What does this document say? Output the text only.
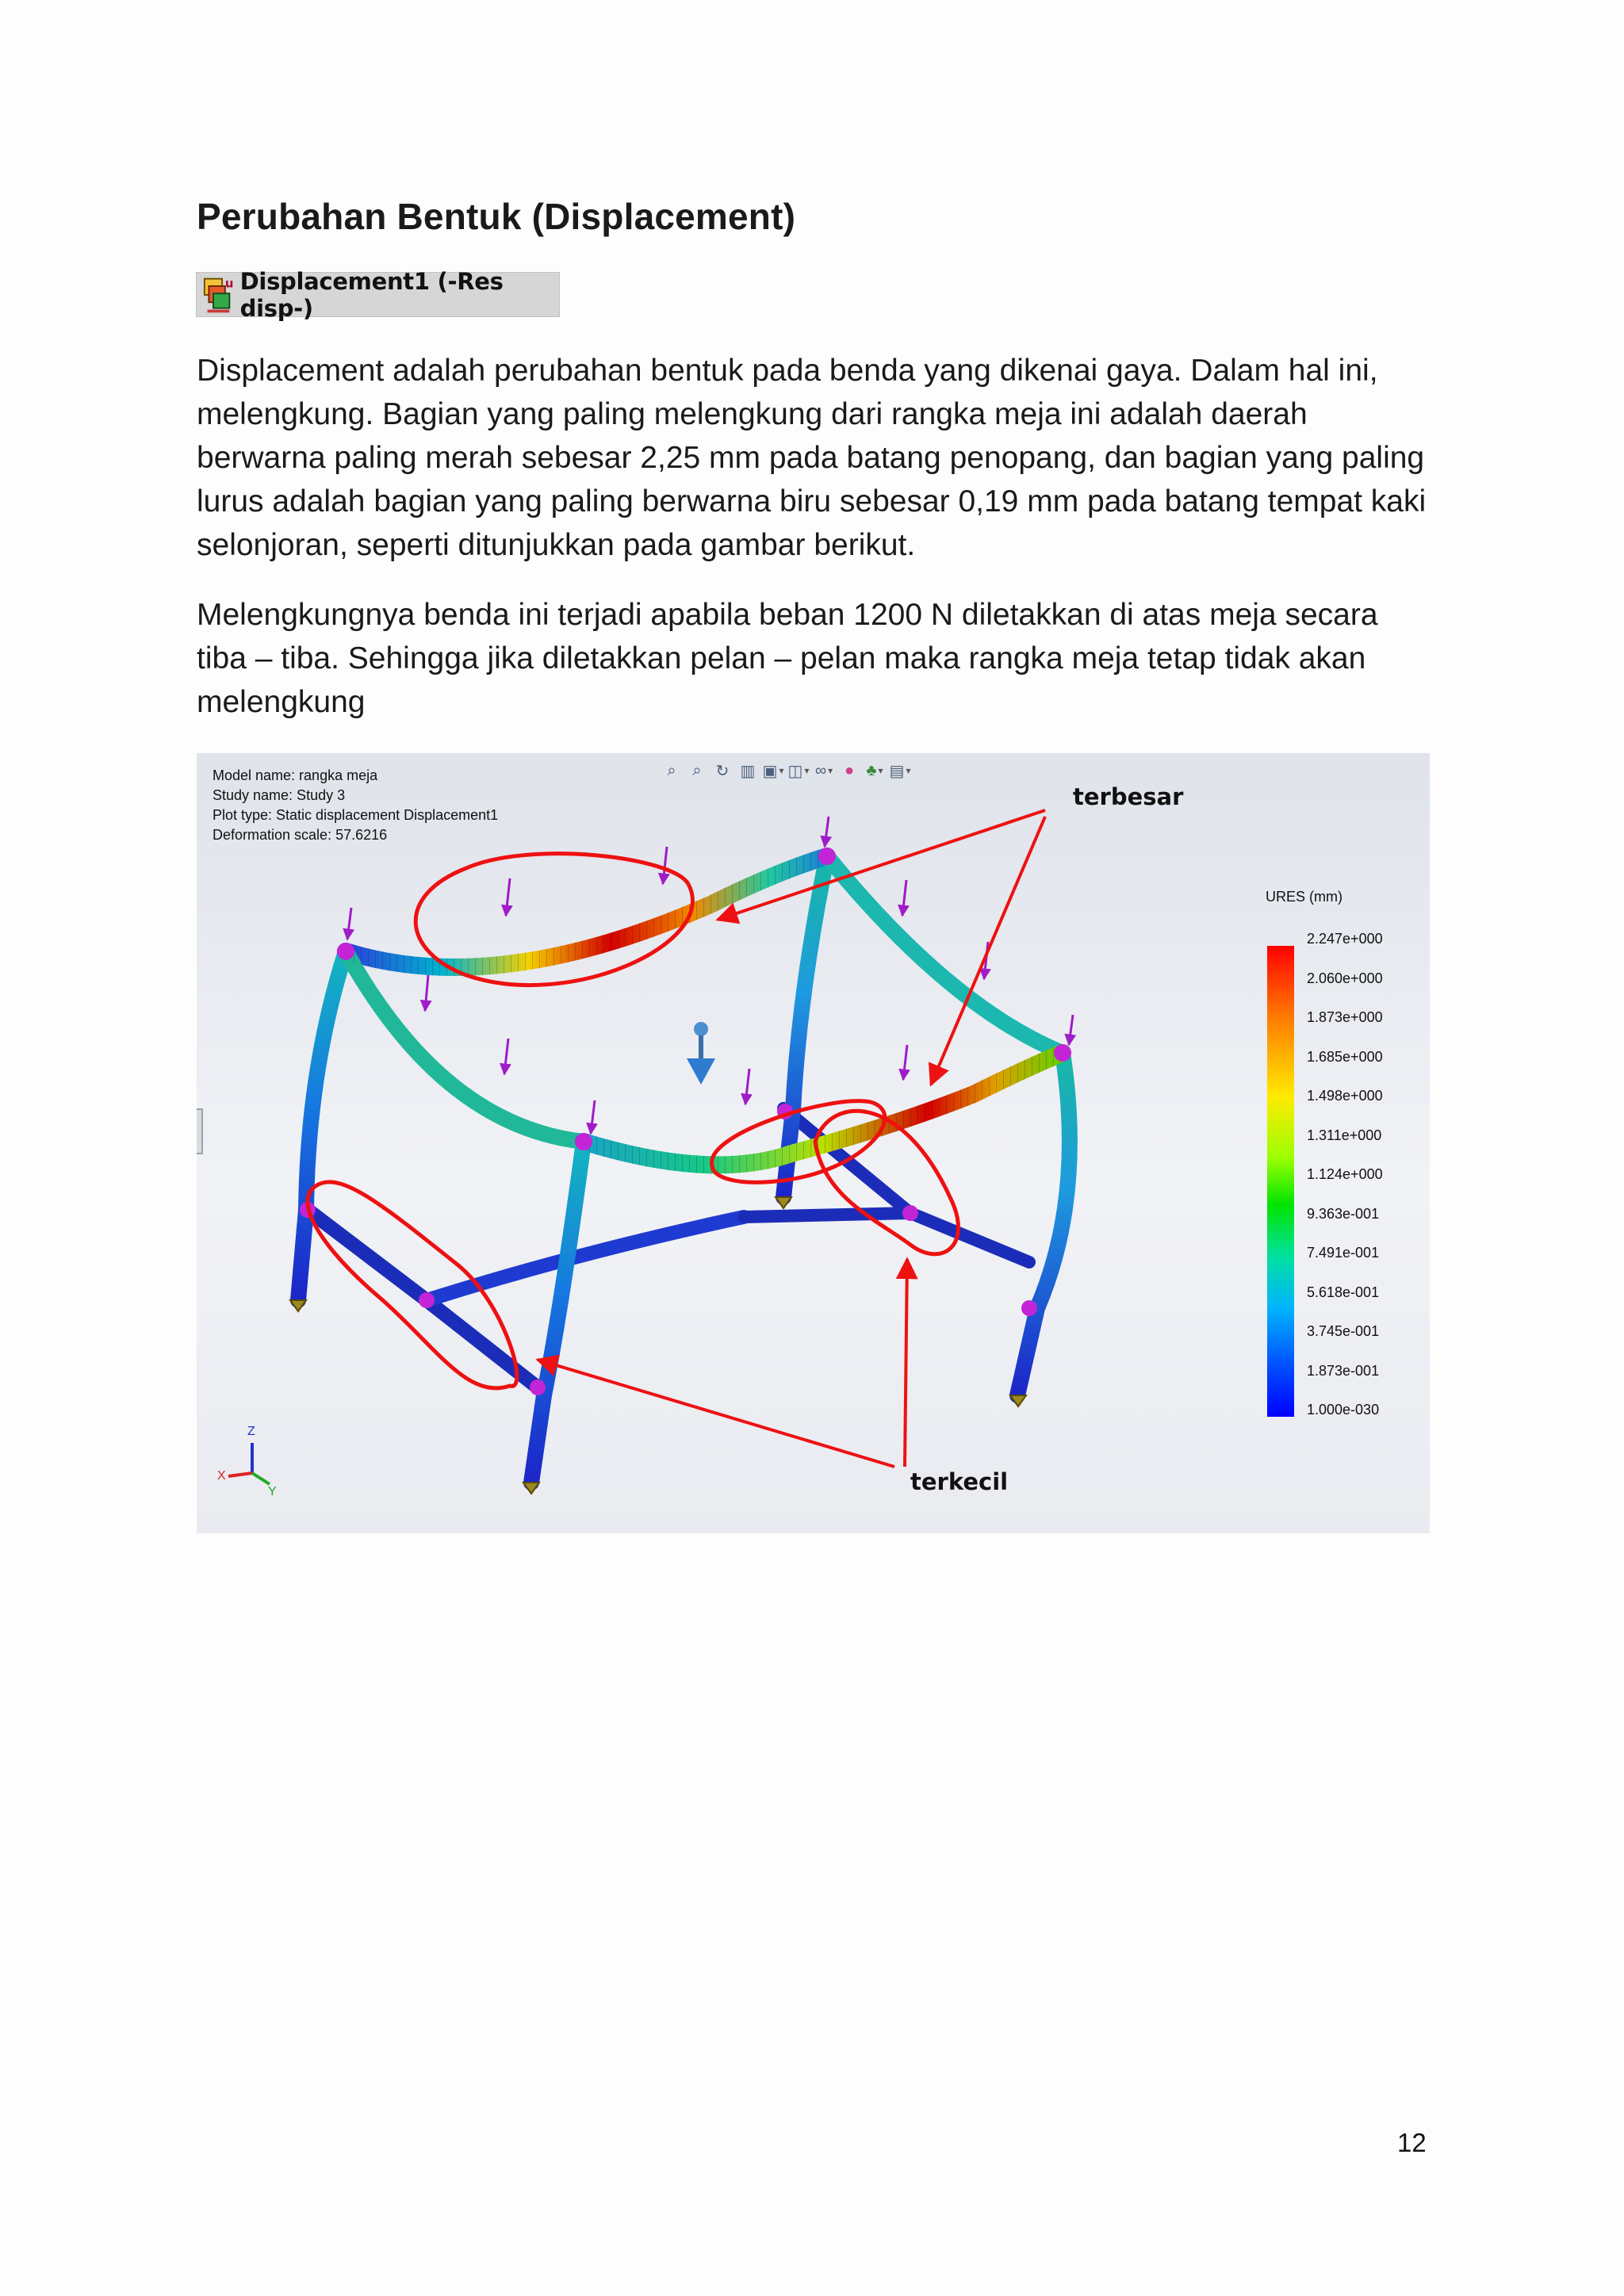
Perubahan Bentuk (Displacement)
u Displacement1 (-Res disp-)

Displacement adalah perubahan bentuk pada benda yang dikenai gaya. Dalam hal ini, melengkung. Bagian yang paling melengkung dari rangka meja ini adalah daerah berwarna paling merah sebesar 2,25 mm pada batang penopang, dan bagian yang paling lurus adalah bagian yang paling berwarna biru sebesar 0,19 mm pada batang tempat kaki selonjoran, seperti ditunjukkan pada gambar berikut.

Melengkungnya benda ini terjadi apabila beban 1200 N diletakkan di atas meja secara tiba – tiba. Sehingga jika diletakkan pelan – pelan maka rangka meja tetap tidak akan melengkung

Z
X
Y
Model name: rangka meja
Study name: Study 3
Plot type: Static displacement Displacement1
Deformation scale: 57.6216
⌕	⌕ ↻ ▥ ▣ ▾ ◫ ▾ ∞ ▾	● ♣ ▾ ▤ ▾
URES (mm)
2.247e+000
2.060e+000
1.873e+000
1.685e+000
1.498e+000
1.311e+000
1.124e+000
9.363e-001
7.491e-001
5.618e-001
3.745e-001
1.873e-001
1.000e-030
terbesar
terkecil
12
